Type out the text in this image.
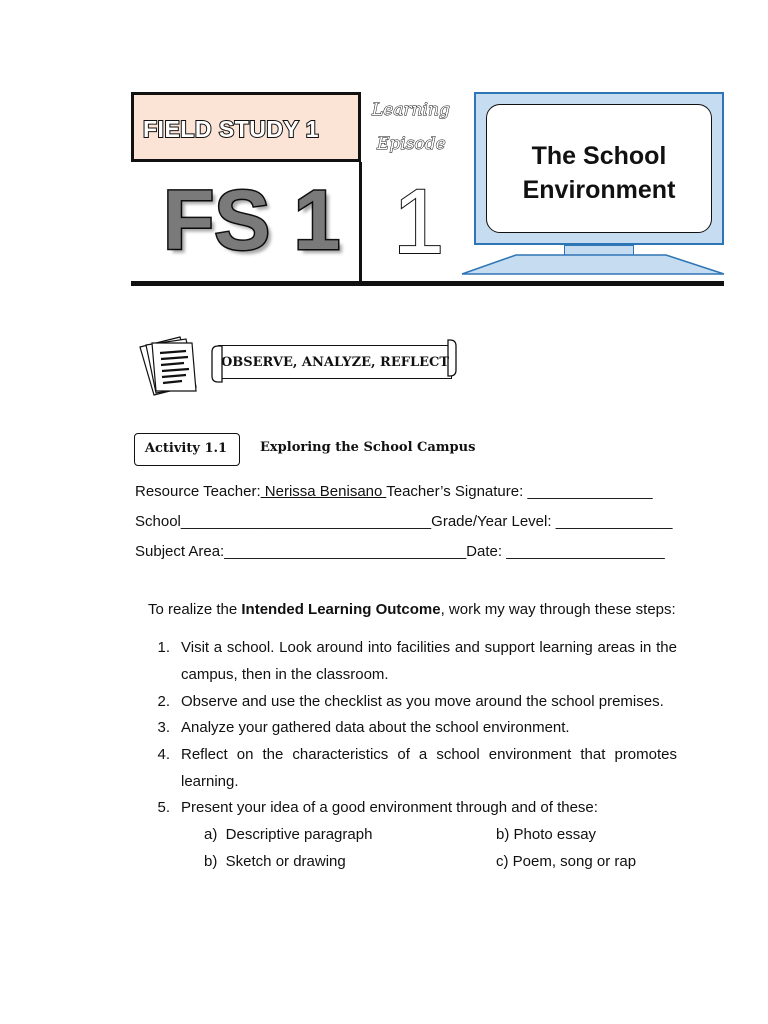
FIELD STUDY 1
Learning
Episode
FS 1 1
The School Environment
OBSERVE, ANALYZE, REFLECT
Activity 1.1	Exploring the School Campus
Resource Teacher: Nerissa Benisano Teacher’s Signature: _______________
School______________________________Grade/Year Level: ______________
Subject Area:_____________________________Date: ___________________
To realize the Intended Learning Outcome, work my way through these steps:
1. Visit a school. Look around into facilities and support learning areas in the
campus, then in the classroom.
2. Observe and use the checklist as you move around the school premises.
3. Analyze your gathered data about the school environment.
4. Reflect on the characteristics of a school environment that promotes
learning.
5. Present your idea of a good environment through and of these:
a)  Descriptive paragraph	b) Photo essay
b)  Sketch or drawing	c) Poem, song or rap
